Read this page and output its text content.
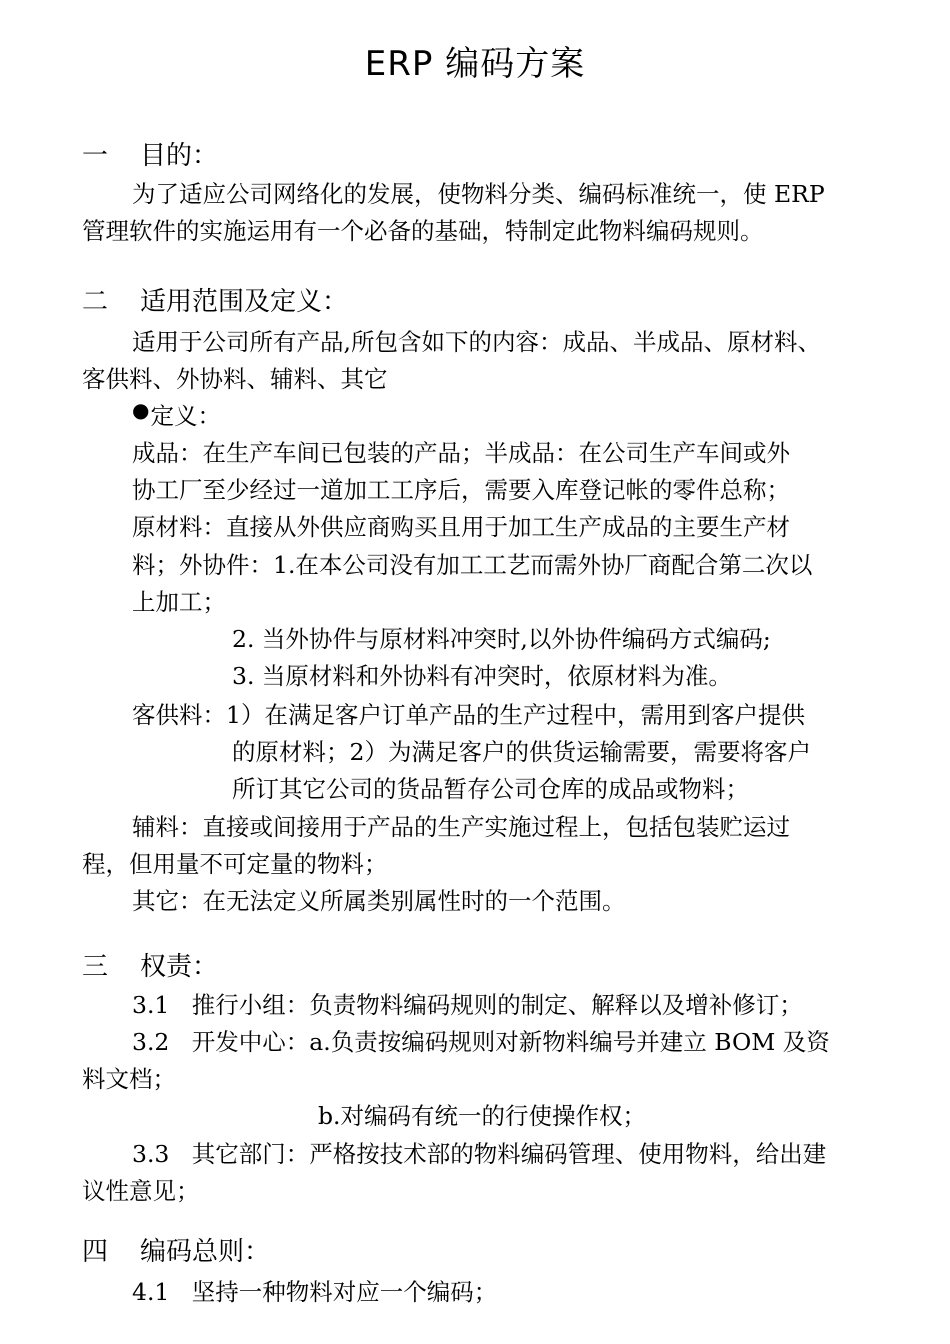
ERP 编码方案
一 目的：
为了适应公司网络化的发展，使物料分类、编码标准统一，使 ERP
管理软件的实施运用有一个必备的基础，特制定此物料编码规则。
二 适用范围及定义：
适用于公司所有产品,所包含如下的内容：成品、半成品、原材料、
客供料、外协料、辅料、其它
●定义：
成品：在生产车间已包装的产品；半成品：在公司生产车间或外
协工厂至少经过一道加工工序后，需要入库登记帐的零件总称；
原材料：直接从外供应商购买且用于加工生产成品的主要生产材
料；外协件：1.在本公司没有加工工艺而需外协厂商配合第二次以
上加工；
2. 当外协件与原材料冲突时,以外协件编码方式编码;
3. 当原材料和外协料有冲突时，依原材料为准。
客供料：1）在满足客户订单产品的生产过程中，需用到客户提供
的原材料；2）为满足客户的供货运输需要，需要将客户
所订其它公司的货品暂存公司仓库的成品或物料；
辅料：直接或间接用于产品的生产实施过程上，包括包装贮运过
程，但用量不可定量的物料；
其它：在无法定义所属类别属性时的一个范围。
三 权责：
3.1   推行小组：负责物料编码规则的制定、解释以及增补修订；
3.2   开发中心：a.负责按编码规则对新物料编号并建立 BOM 及资
料文档；
b.对编码有统一的行使操作权；
3.3   其它部门：严格按技术部的物料编码管理、使用物料，给出建
议性意见；
四 编码总则：
4.1   坚持一种物料对应一个编码；
